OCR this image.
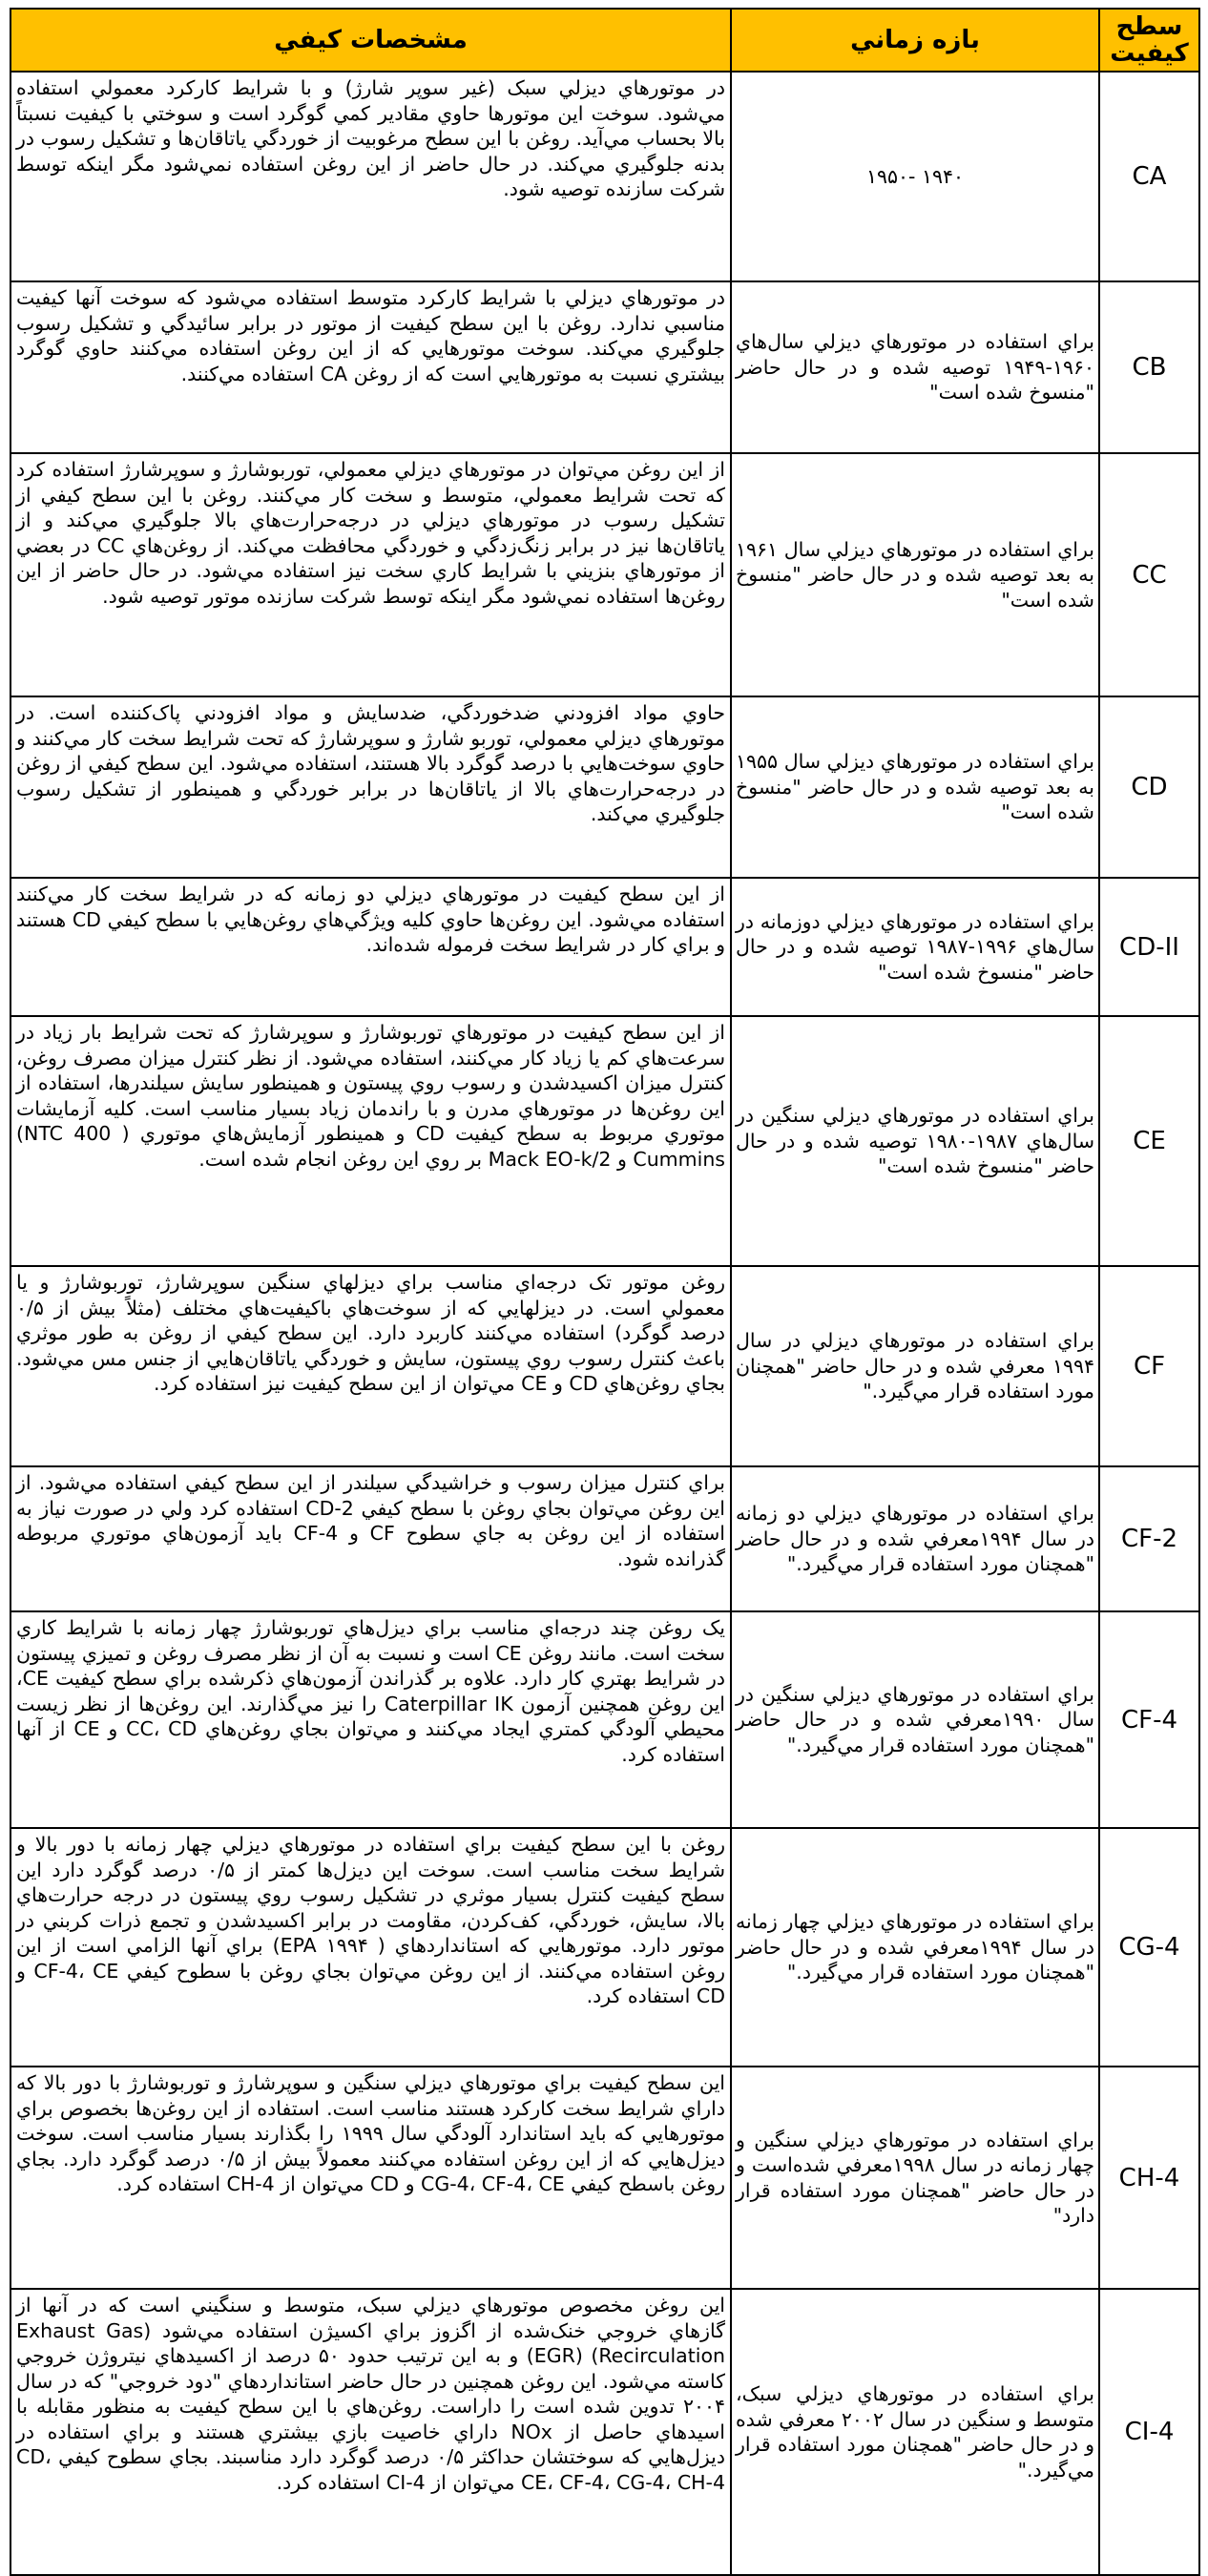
سطح کیفیت	بازه زماني	مشخصات کیفي
CA	۱۹۴۰ -۱۹۵۰	در موتورهاي ديزلي سبک (غير سوپر شارژ) و با شرايط کارکرد معمولي استفاده مي‌شود. سوخت اين موتورها حاوي مقادير کمي گوگرد است و سوختي با کيفيت نسبتاً بالا بحساب مي‌آيد. روغن با اين سطح مرغوبيت از خوردگي ياتاقان‌ها و تشکيل رسوب در بدنه جلوگيري مي‌کند. در حال حاضر از اين روغن استفاده نمي‌شود مگر اينکه توسط شرکت سازنده توصيه شود.
CB	براي استفاده در موتورهاي ديزلي سال‌هاي ۱۹۶۰-۱۹۴۹ توصيه شده و در حال حاضر "منسوخ شده است"	در موتورهاي ديزلي با شرايط کارکرد متوسط استفاده مي‌شود که سوخت آنها کيفيت مناسبي ندارد. روغن با اين سطح کيفيت از موتور در برابر سائيدگي و تشکيل رسوب جلوگيري مي‌کند. سوخت موتورهايي که از اين روغن استفاده مي‌کنند حاوي گوگرد بيشتري نسبت به موتورهايي است که از روغن CA استفاده مي‌کنند.
CC	براي استفاده در موتورهاي ديزلي سال ۱۹۶۱ به بعد توصيه شده و در حال حاضر "منسوخ شده است"	از اين روغن مي‌توان در موتورهاي ديزلي معمولي، توربوشارژ و سوپرشارژ استفاده کرد که تحت شرايط معمولي، متوسط و سخت کار مي‌کنند. روغن با اين سطح کيفي از تشکيل رسوب در موتورهاي ديزلي در درجه‌حرارت‌هاي بالا جلوگيري مي‌کند و از ياتاقان‌ها نيز در برابر زنگ‌زدگي و خوردگي محافظت مي‌کند. از روغن‌هاي CC در بعضي از موتورهاي بنزيني با شرايط کاري سخت نيز استفاده مي‌شود. در حال حاضر از اين روغن‌ها استفاده نمي‌شود مگر اينکه توسط شرکت سازنده موتور توصيه شود.
CD	براي استفاده در موتورهاي ديزلي سال ۱۹۵۵ به بعد توصيه شده و در حال حاضر "منسوخ شده است"	حاوي مواد افزودني ضدخوردگي، ضدسايش و مواد افزودني پاک‌کننده است. در موتورهاي ديزلي معمولي، توربو شارژ و سوپرشارژ که تحت شرايط سخت کار مي‌کنند و حاوي سوخت‌هايي با درصد گوگرد بالا هستند، استفاده مي‌شود. اين سطح کيفي از روغن در درجه‌حرارت‌هاي بالا از ياتاقان‌ها در برابر خوردگي و همينطور از تشکيل رسوب جلوگيري مي‌کند.
CD-II	براي استفاده در موتورهاي ديزلي دوزمانه در سال‌هاي ۱۹۹۶-۱۹۸۷ توصيه شده و در حال حاضر "منسوخ شده است"	از اين سطح کيفيت در موتورهاي ديزلي دو زمانه که در شرايط سخت کار مي‌کنند استفاده مي‌شود. اين روغن‌ها حاوي کليه ويژگي‌هاي روغن‌هايي با سطح کيفي CD هستند و براي کار در شرايط سخت فرموله شده‌اند.
CE	براي استفاده در موتورهاي ديزلي سنگين در سال‌هاي ۱۹۸۷-۱۹۸۰ توصيه شده و در حال حاضر "منسوخ شده است"	از اين سطح کيفيت در موتورهاي توربوشارژ و سوپرشارژ که تحت شرايط بار زياد در سرعت‌هاي کم يا زياد کار مي‌کنند، استفاده مي‌شود. از نظر کنترل ميزان مصرف روغن، کنترل ميزان اکسيدشدن و رسوب روي پيستون و همينطور سايش سيلندرها، استفاده از اين روغن‌ها در موتورهاي مدرن و با راندمان زياد بسيار مناسب است. کليه آزمايشات موتوري مربوط به سطح کيفيت CD و همينطور آزمايش‌هاي موتوري ( NTC 400) Cummins و Mack EO-k/2 بر روي اين روغن انجام شده است.
CF	براي استفاده در موتورهاي ديزلي در سال ۱۹۹۴ معرفي شده و در حال حاضر "همچنان مورد استفاده قرار مي‌گيرد."	روغن موتور تک درجه‌اي مناسب براي ديزلهاي سنگين سوپرشارژ، توربوشارژ و يا معمولي است. در ديزلهايي که از سوخت‌هاي باکيفيت‌هاي مختلف (مثلاً بيش از ۰/۵ درصد گوگرد) استفاده مي‌کنند کاربرد دارد. اين سطح کيفي از روغن به طور موثري باعث کنترل رسوب روي پيستون، سايش و خوردگي ياتاقان‌هايي از جنس مس مي‌شود. بجاي روغن‌هاي CD و CE مي‌توان از اين سطح کيفيت نيز استفاده کرد.
CF-2	براي استفاده در موتورهاي ديزلي دو زمانه در سال ۱۹۹۴معرفي شده و در حال حاضر "همچنان مورد استفاده قرار مي‌گيرد."	براي کنترل ميزان رسوب و خراشيدگي سيلندر از اين سطح کيفي استفاده مي‌شود. از اين روغن مي‌توان بجاي روغن با سطح کيفي CD-2 استفاده کرد ولي در صورت نياز به استفاده از اين روغن به جاي سطوح CF و CF-4 بايد آزمون‌هاي موتوري مربوطه گذرانده شود.
CF-4	براي استفاده در موتورهاي ديزلي سنگين در سال ۱۹۹۰معرفي شده و در حال حاضر "همچنان مورد استفاده قرار مي‌گيرد."	يک روغن چند درجه‌اي مناسب براي ديزل‌هاي توربوشارژ چهار زمانه با شرايط کاري سخت است. مانند روغن CE است و نسبت به آن از نظر مصرف روغن و تميزي پيستون در شرايط بهتري کار دارد. علاوه بر گذراندن آزمون‌هاي ذکرشده براي سطح کيفيت CE، اين روغن همچنين آزمون Caterpillar IK را نيز مي‌گذارند. اين روغن‌ها از نظر زيست محيطي آلودگي کمتري ايجاد مي‌کنند و مي‌توان بجاي روغن‌هاي CC، CD و CE از آنها استفاده کرد.
CG-4	براي استفاده در موتورهاي ديزلي چهار زمانه در سال ۱۹۹۴معرفي شده و در حال حاضر "همچنان مورد استفاده قرار مي‌گيرد."	روغن با اين سطح کيفيت براي استفاده در موتورهاي ديزلي چهار زمانه با دور بالا و شرايط سخت مناسب است. سوخت اين ديزل‌ها کمتر از ۰/۵ درصد گوگرد دارد اين سطح کيفيت کنترل بسيار موثري در تشکيل رسوب روي پيستون در درجه حرارت‌هاي بالا، سايش، خوردگي، کف‌کردن، مقاومت در برابر اکسيدشدن و تجمع ذرات کربني در موتور دارد. موتورهايي که استانداردهاي ( EPA ۱۹۹۴) براي آنها الزامي است از اين روغن استفاده مي‌کنند. از اين روغن مي‌توان بجاي روغن با سطوح کيفي CF-4، CE و CD استفاده کرد.
CH-4	براي استفاده در موتورهاي ديزلي سنگين و چهار زمانه در سال ۱۹۹۸معرفي شده‌است و در حال حاضر "همچنان مورد استفاده قرار دارد"	اين سطح کيفيت براي موتورهاي ديزلي سنگين و سوپرشارژ و توربوشارژ با دور بالا که داراي شرايط سخت کارکرد هستند مناسب است. استفاده از اين روغن‌ها بخصوص براي موتورهايي که بايد استاندارد آلودگي سال ۱۹۹۹ را بگذارند بسيار مناسب است. سوخت ديزل‌هايي که از اين روغن استفاده مي‌کنند معمولاً بيش از ۰/۵ درصد گوگرد دارد. بجاي روغن باسطح کيفي CG-4، CF-4، CE و CD مي‌توان از CH-4 استفاده کرد.
CI-4	براي استفاده در موتورهاي ديزلي سبک، متوسط و سنگين در سال ۲۰۰۲ معرفي شده و در حال حاضر "همچنان مورد استفاده قرار مي‌گيرد."	اين روغن مخصوص موتورهاي ديزلي سبک، متوسط و سنگيني است که در آنها از گازهاي خروجي خنک‌شده از اگزوز براي اکسيژن استفاده مي‌شود (Exhaust Gas Recirculation) (EGR) و به اين ترتيب حدود ۵۰ درصد از اکسيدهاي نيتروژن خروجي کاسته مي‌شود. اين روغن همچنين در حال حاضر استانداردهاي "دود خروجي" که در سال ۲۰۰۴ تدوين شده است را داراست. روغن‌هاي با اين سطح کيفيت به منظور مقابله با اسيدهاي حاصل از NOx داراي خاصيت بازي بيشتري هستند و براي استفاده در ديزل‌هايي که سوختشان حداکثر ۰/۵ درصد گوگرد دارد مناسبند. بجاي سطوح کيفي CD، CE، CF-4، CG-4، CH-4 مي‌توان از CI-4 استفاده کرد.
